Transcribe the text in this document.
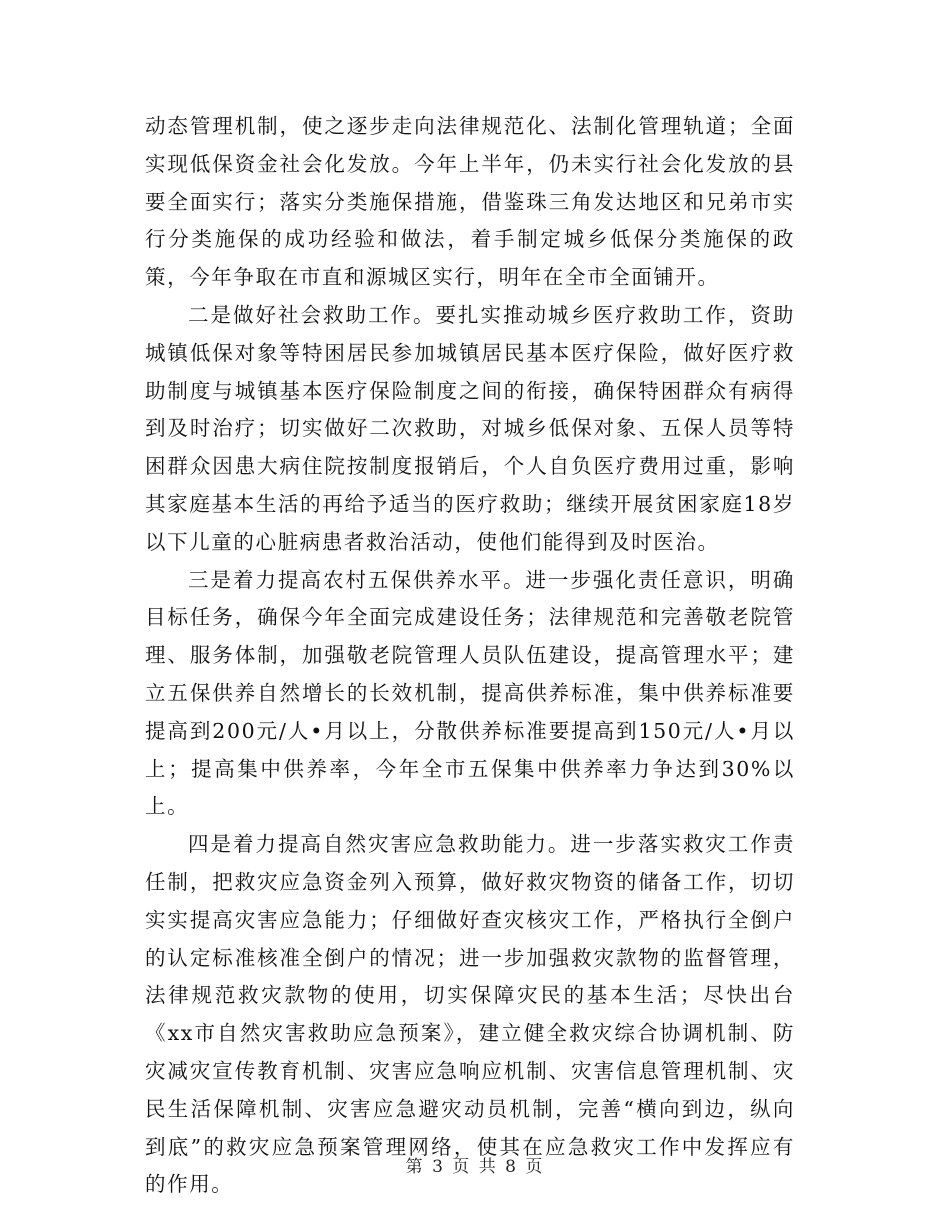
动态管理机制，使之逐步走向法律规范化、法制化管理轨道；全面实现低保资金社会化发放。今年上半年，仍未实行社会化发放的县要全面实行；落实分类施保措施，借鉴珠三角发达地区和兄弟市实行分类施保的成功经验和做法，着手制定城乡低保分类施保的政策，今年争取在市直和源城区实行，明年在全市全面铺开。

二是做好社会救助工作。要扎实推动城乡医疗救助工作，资助城镇低保对象等特困居民参加城镇居民基本医疗保险，做好医疗救助制度与城镇基本医疗保险制度之间的衔接，确保特困群众有病得到及时治疗；切实做好二次救助，对城乡低保对象、五保人员等特困群众因患大病住院按制度报销后，个人自负医疗费用过重，影响其家庭基本生活的再给予适当的医疗救助；继续开展贫困家庭18岁以下儿童的心脏病患者救治活动，使他们能得到及时医治。

三是着力提高农村五保供养水平。进一步强化责任意识，明确目标任务，确保今年全面完成建设任务；法律规范和完善敬老院管理、服务体制，加强敬老院管理人员队伍建设，提高管理水平；建立五保供养自然增长的长效机制，提高供养标准，集中供养标准要提高到200元/人•月以上，分散供养标准要提高到150元/人•月以上；提高集中供养率，今年全市五保集中供养率力争达到30%以上。

四是着力提高自然灾害应急救助能力。进一步落实救灾工作责任制，把救灾应急资金列入预算，做好救灾物资的储备工作，切切实实提高灾害应急能力；仔细做好查灾核灾工作，严格执行全倒户的认定标准核准全倒户的情况；进一步加强救灾款物的监督管理，法律规范救灾款物的使用，切实保障灾民的基本生活；尽快出台《xx市自然灾害救助应急预案》，建立健全救灾综合协调机制、防灾减灾宣传教育机制、灾害应急响应机制、灾害信息管理机制、灾民生活保障机制、灾害应急避灾动员机制，完善“横向到边，纵向到底”的救灾应急预案管理网络，使其在应急救灾工作中发挥应有的作用。

第 3 页 共 8 页
